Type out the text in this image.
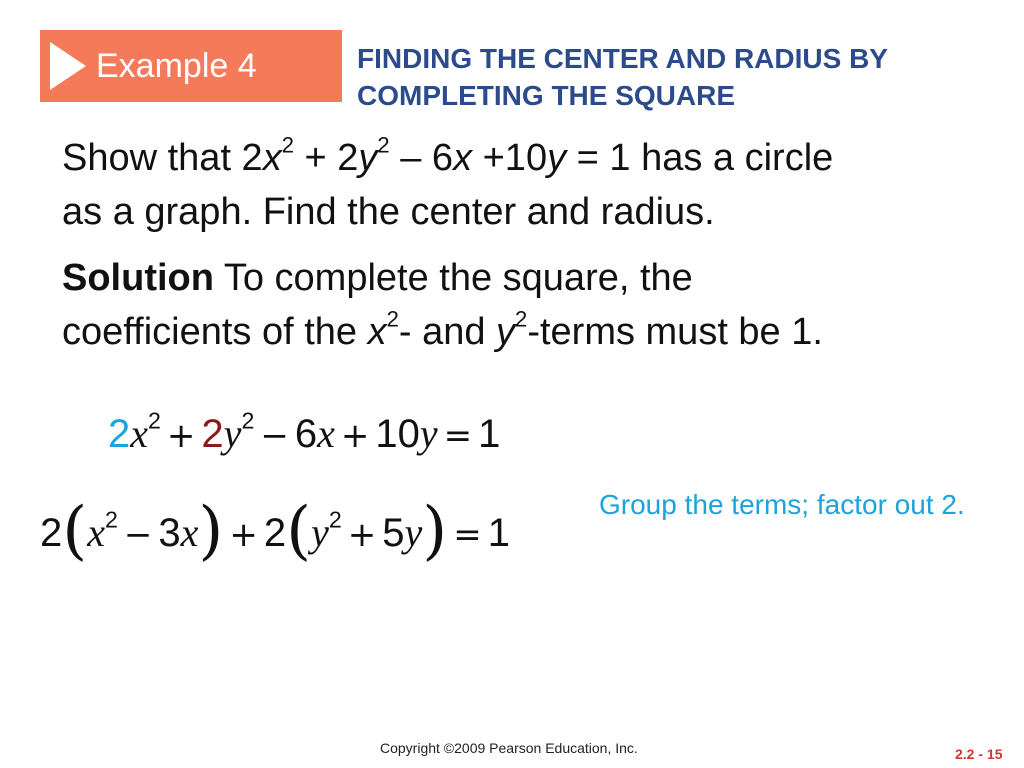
Example 4	FINDING THE CENTER AND RADIUS BY
COMPLETING THE SQUARE
Show that $2x^2 + 2y^2 - 6x +10y = 1$ has a circle
as a graph. Find the center and radius.
Solution To complete the square, the
coefficients of the $x^2-$ and $y^2$-terms must be 1.
$2x^2 + 2y^2 - 6x + 10y = 1$
$2(x^2 - 3x) + 2(y^2 + 5y) = 1$
Group the terms; factor out 2.
Copyright ©2009 Pearson Education, Inc.	2.2 - 15
